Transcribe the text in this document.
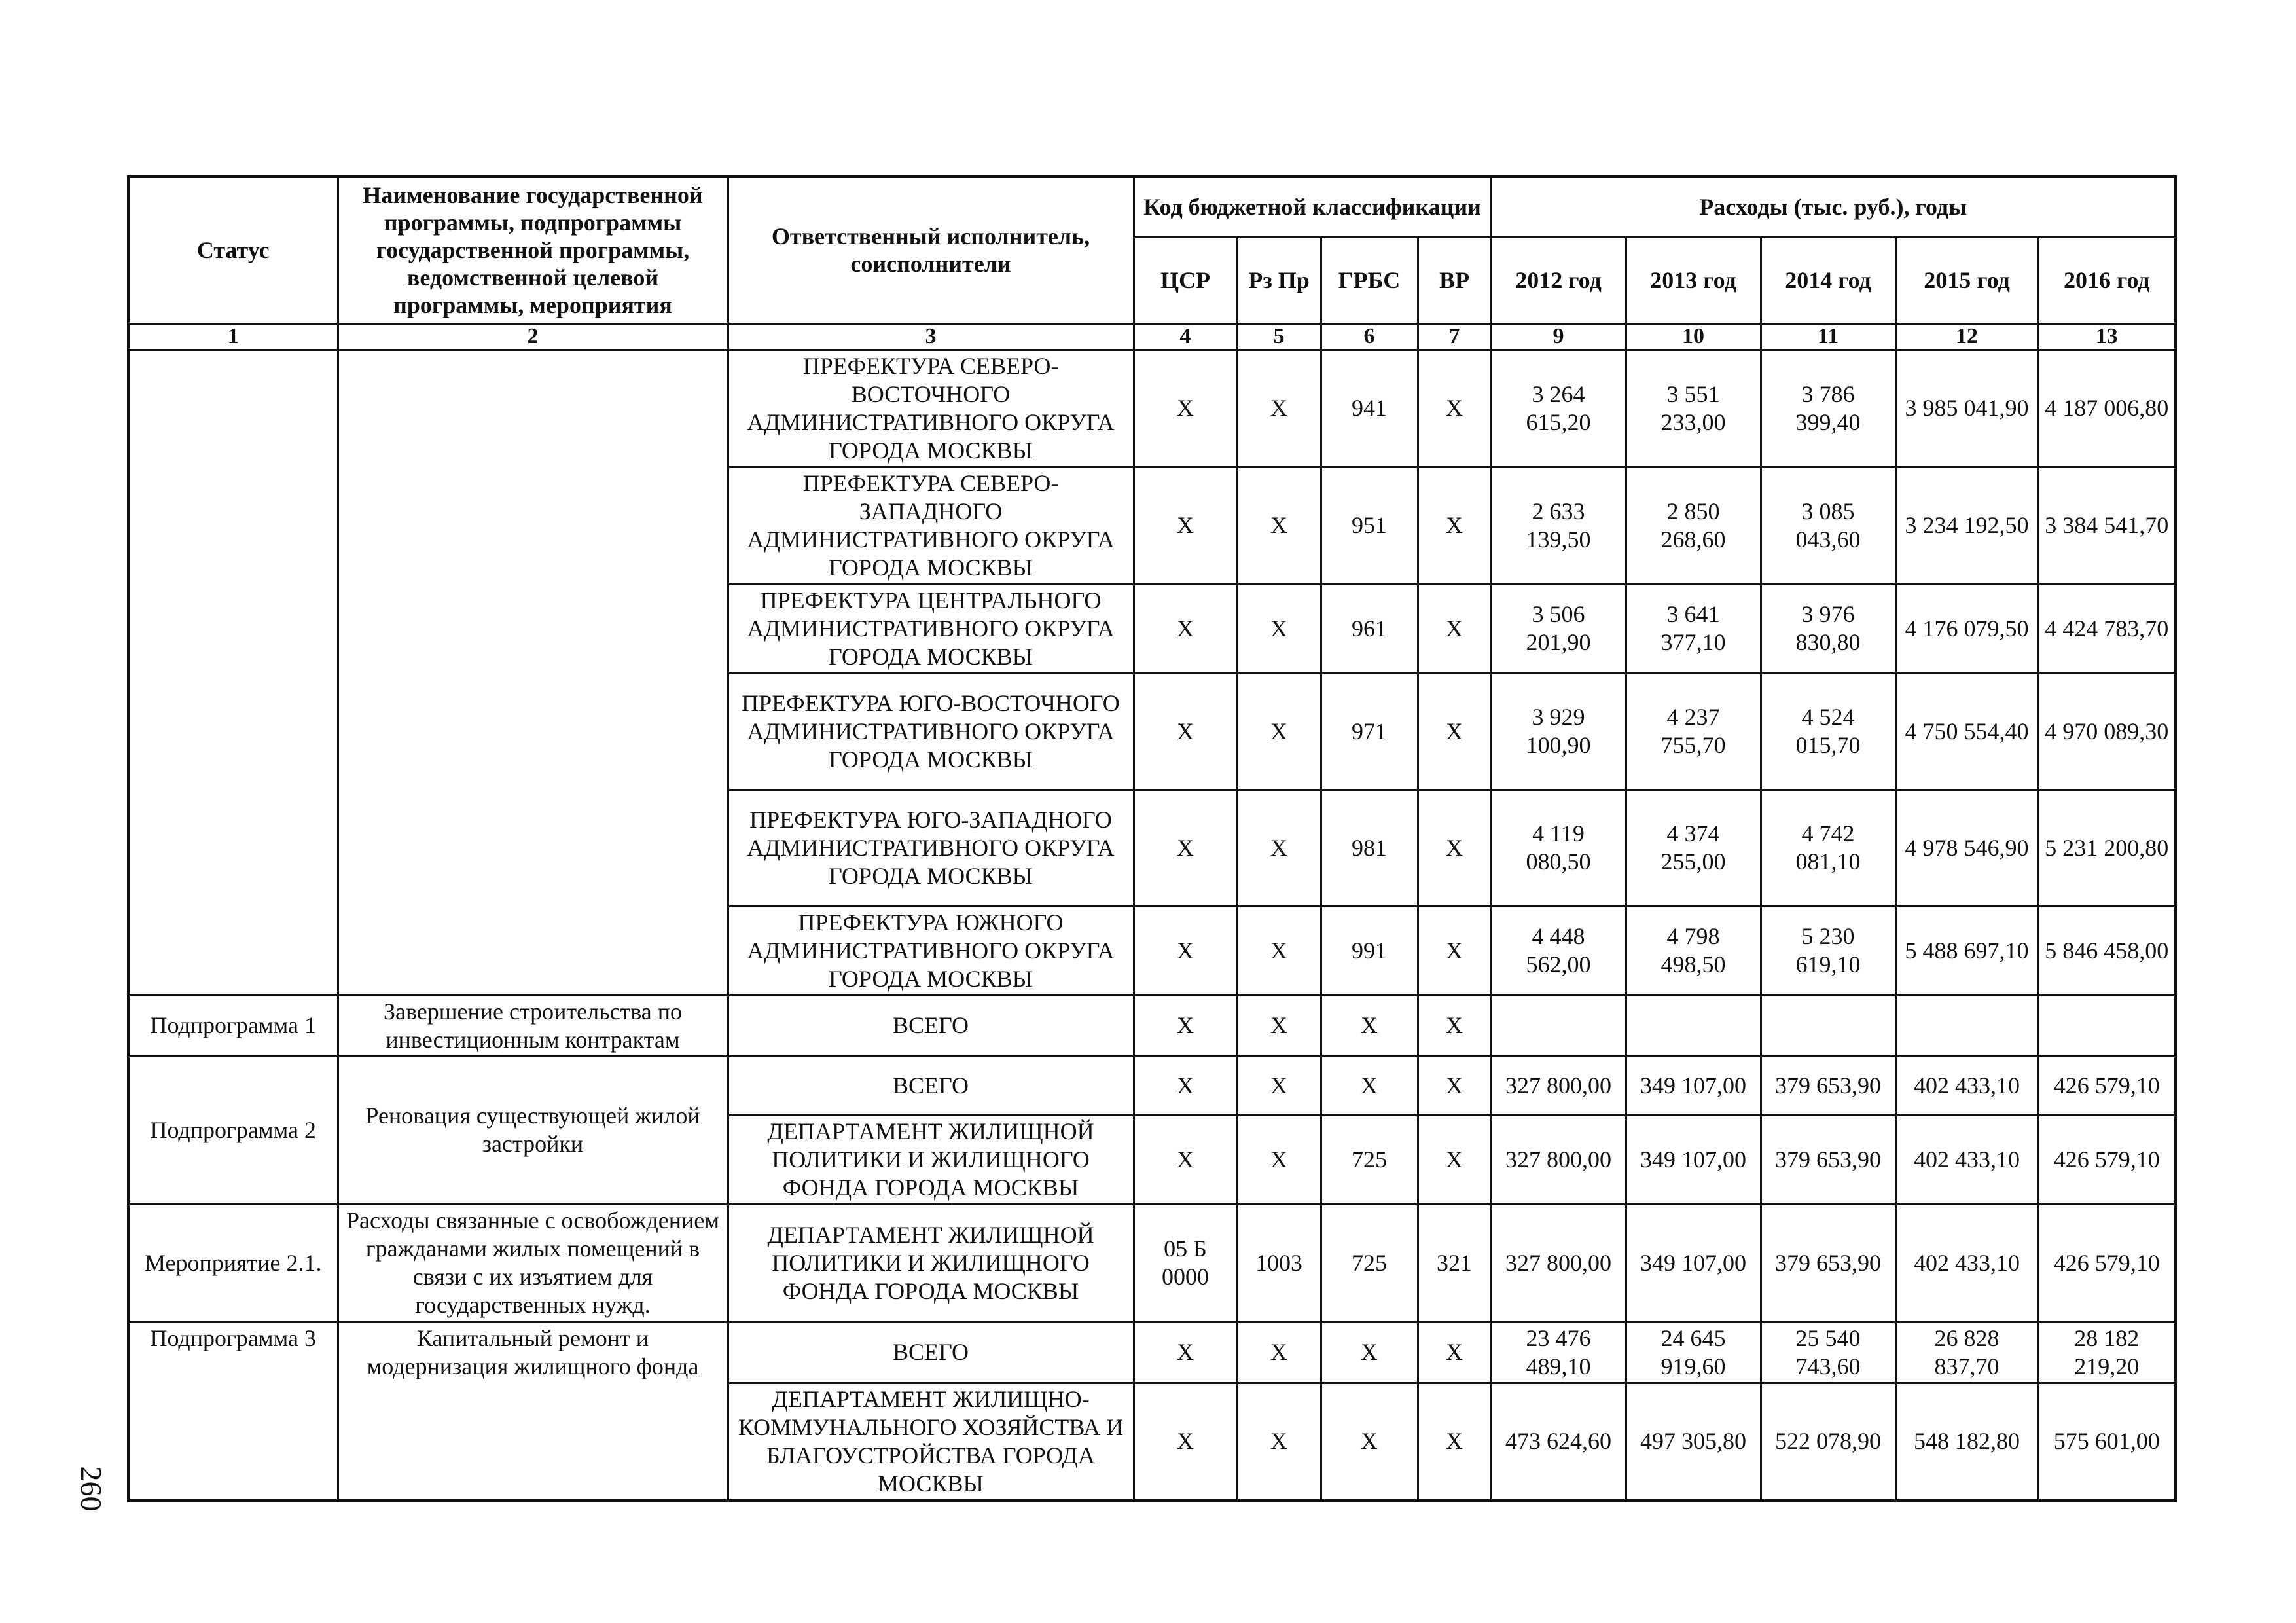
Статус	Наименование государственной программы, подпрограммы государственной программы, ведомственной целевой программы, мероприятия	Ответственный исполнитель, соисполнители	Код бюджетной классификации				Расходы (тыс. руб.), годы				
			ЦСР	Рз Пр	ГРБС	ВР	2012 год	2013 год	2014 год	2015 год	2016 год
1	2	3	4	5	6	7	9	10	11	12	13
		ПРЕФЕКТУРА СЕВЕРО-ВОСТОЧНОГО АДМИНИСТРАТИВНОГО ОКРУГА ГОРОДА МОСКВЫ	X	X	941	X	3 264 615,20	3 551 233,00	3 786 399,40	3 985 041,90	4 187 006,80
		ПРЕФЕКТУРА СЕВЕРО-ЗАПАДНОГО АДМИНИСТРАТИВНОГО ОКРУГА ГОРОДА МОСКВЫ	X	X	951	X	2 633 139,50	2 850 268,60	3 085 043,60	3 234 192,50	3 384 541,70
		ПРЕФЕКТУРА ЦЕНТРАЛЬНОГО АДМИНИСТРАТИВНОГО ОКРУГА ГОРОДА МОСКВЫ	X	X	961	X	3 506 201,90	3 641 377,10	3 976 830,80	4 176 079,50	4 424 783,70
		ПРЕФЕКТУРА ЮГО-ВОСТОЧНОГО АДМИНИСТРАТИВНОГО ОКРУГА ГОРОДА МОСКВЫ	X	X	971	X	3 929 100,90	4 237 755,70	4 524 015,70	4 750 554,40	4 970 089,30
		ПРЕФЕКТУРА ЮГО-ЗАПАДНОГО АДМИНИСТРАТИВНОГО ОКРУГА ГОРОДА МОСКВЫ	X	X	981	X	4 119 080,50	4 374 255,00	4 742 081,10	4 978 546,90	5 231 200,80
		ПРЕФЕКТУРА ЮЖНОГО АДМИНИСТРАТИВНОГО ОКРУГА ГОРОДА МОСКВЫ	X	X	991	X	4 448 562,00	4 798 498,50	5 230 619,10	5 488 697,10	5 846 458,00
Подпрограмма 1	Завершение строительства по инвестиционным контрактам	ВСЕГО	X	X	X	X					
Подпрограмма 2	Реновация существующей жилой застройки	ВСЕГО	X	X	X	X	327 800,00	349 107,00	379 653,90	402 433,10	426 579,10
		ДЕПАРТАМЕНТ ЖИЛИЩНОЙ ПОЛИТИКИ И ЖИЛИЩНОГО ФОНДА ГОРОДА МОСКВЫ	X	X	725	X	327 800,00	349 107,00	379 653,90	402 433,10	426 579,10
Мероприятие 2.1.	Расходы связанные с освобождением гражданами жилых помещений в связи с их изъятием для государственных нужд.	ДЕПАРТАМЕНТ ЖИЛИЩНОЙ ПОЛИТИКИ И ЖИЛИЩНОГО ФОНДА ГОРОДА МОСКВЫ	05 Б 0000	1003	725	321	327 800,00	349 107,00	379 653,90	402 433,10	426 579,10
Подпрограмма 3	Капитальный ремонт и модернизация жилищного фонда	ВСЕГО	X	X	X	X	23 476 489,10	24 645 919,60	25 540 743,60	26 828 837,70	28 182 219,20
		ДЕПАРТАМЕНТ ЖИЛИЩНО-КОММУНАЛЬНОГО ХОЗЯЙСТВА И БЛАГОУСТРОЙСТВА ГОРОДА МОСКВЫ	X	X	X	X	473 624,60	497 305,80	522 078,90	548 182,80	575 601,00
260
